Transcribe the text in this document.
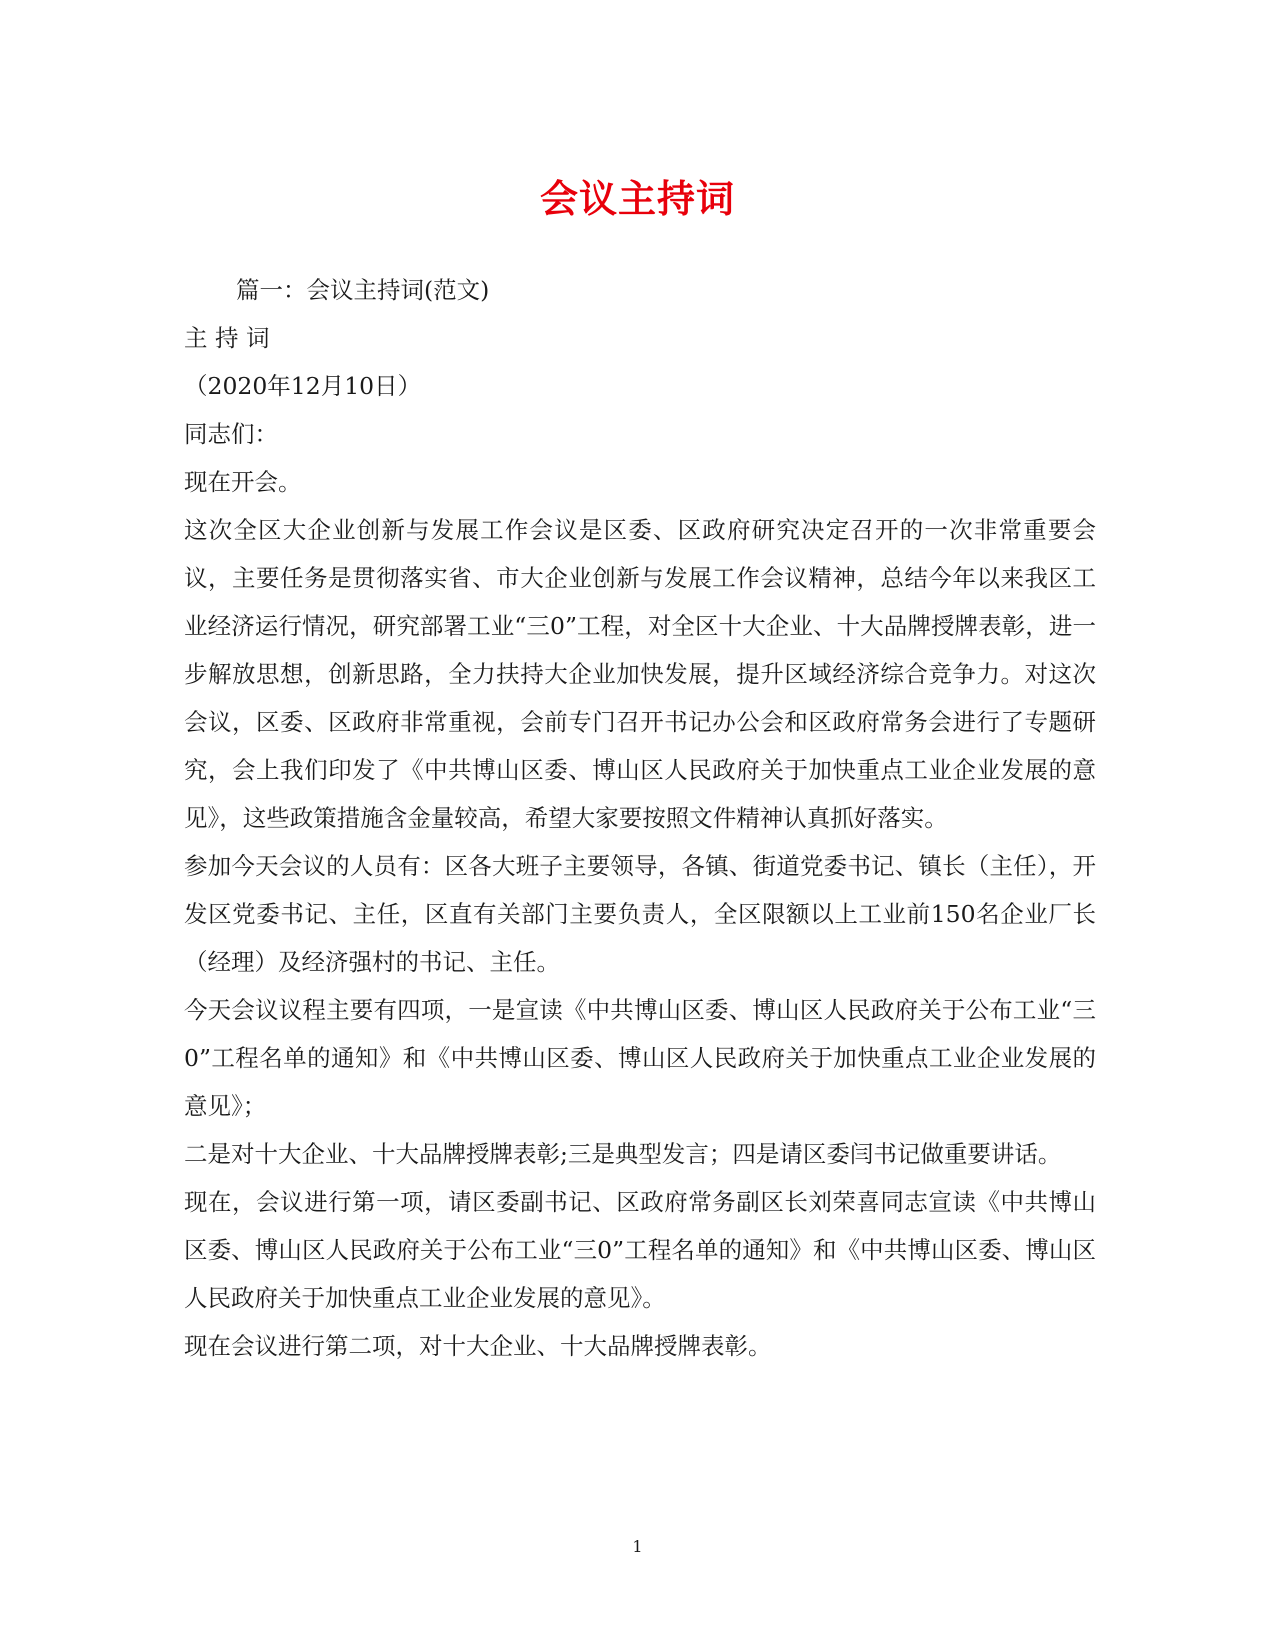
会议主持词

篇一：会议主持词(范文)

主 持 词

（2020年12月10日）

同志们：

现在开会。

这次全区大企业创新与发展工作会议是区委、区政府研究决定召开的一次非常重要会议，主要任务是贯彻落实省、市大企业创新与发展工作会议精神，总结今年以来我区工业经济运行情况，研究部署工业“三0”工程，对全区十大企业、十大品牌授牌表彰，进一步解放思想，创新思路，全力扶持大企业加快发展，提升区域经济综合竞争力。对这次会议，区委、区政府非常重视，会前专门召开书记办公会和区政府常务会进行了专题研究，会上我们印发了《中共博山区委、博山区人民政府关于加快重点工业企业发展的意见》，这些政策措施含金量较高，希望大家要按照文件精神认真抓好落实。

参加今天会议的人员有：区各大班子主要领导，各镇、街道党委书记、镇长（主任），开发区党委书记、主任，区直有关部门主要负责人，全区限额以上工业前150名企业厂长（经理）及经济强村的书记、主任。

今天会议议程主要有四项，一是宣读《中共博山区委、博山区人民政府关于公布工业“三0”工程名单的通知》和《中共博山区委、博山区人民政府关于加快重点工业企业发展的意见》；

二是对十大企业、十大品牌授牌表彰;三是典型发言；四是请区委闫书记做重要讲话。

现在，会议进行第一项，请区委副书记、区政府常务副区长刘荣喜同志宣读《中共博山区委、博山区人民政府关于公布工业“三0”工程名单的通知》和《中共博山区委、博山区人民政府关于加快重点工业企业发展的意见》。

现在会议进行第二项，对十大企业、十大品牌授牌表彰。

1
